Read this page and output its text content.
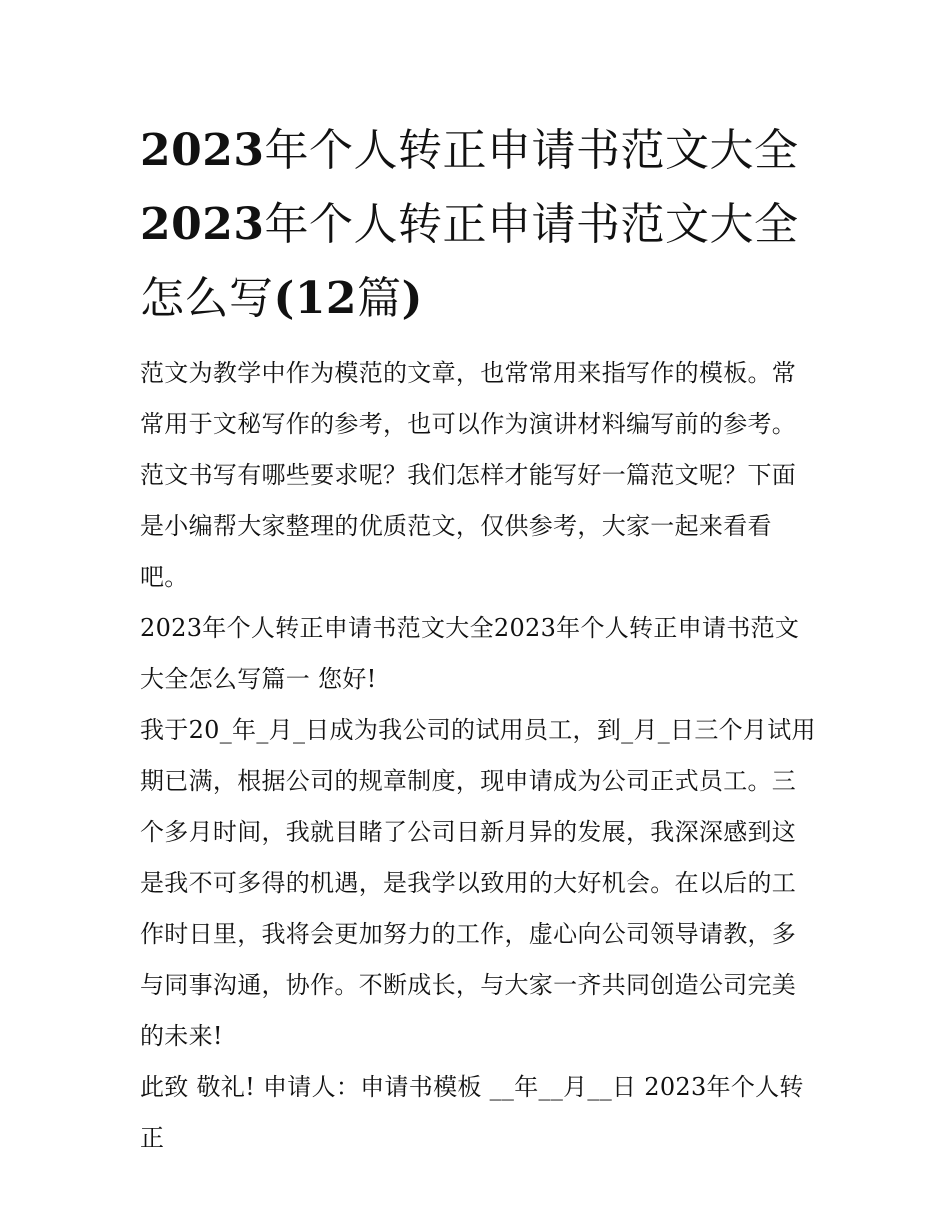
2023年个人转正申请书范文大全2023年个人转正申请书范文大全怎么写(12篇)

范文为教学中作为模范的文章，也常常用来指写作的模板。常常用于文秘写作的参考，也可以作为演讲材料编写前的参考。范文书写有哪些要求呢？我们怎样才能写好一篇范文呢？下面是小编帮大家整理的优质范文，仅供参考，大家一起来看看吧。

2023年个人转正申请书范文大全2023年个人转正申请书范文大全怎么写篇一 您好!

我于20_年_月_日成为我公司的试用员工，到_月_日三个月试用期已满，根据公司的规章制度，现申请成为公司正式员工。三个多月时间，我就目睹了公司日新月异的发展，我深深感到这是我不可多得的机遇，是我学以致用的大好机会。在以后的工作时日里，我将会更加努力的工作，虚心向公司领导请教，多与同事沟通，协作。不断成长，与大家一齐共同创造公司完美的未来!

此致 敬礼! 申请人：申请书模板 __年__月__日 2023年个人转正
